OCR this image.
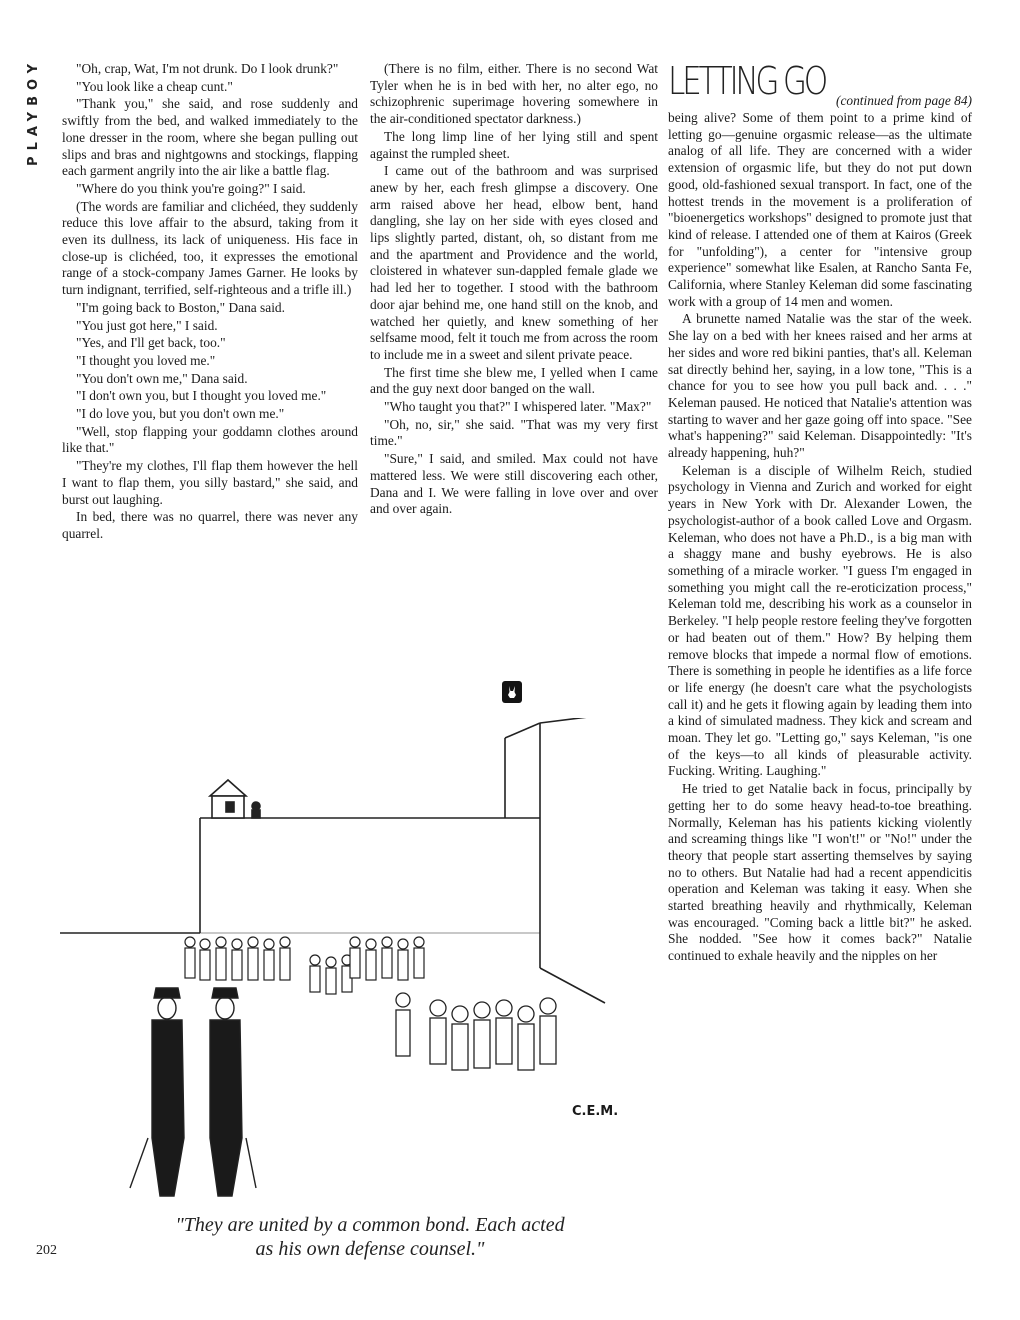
PLAYBOY	"Oh, crap, Wat, I'm not drunk. Do I look drunk?"

"You look like a cheap cunt."

"Thank you," she said, and rose suddenly and swiftly from the bed, and walked immediately to the lone dresser in the room, where she began pulling out slips and bras and nightgowns and stockings, flapping each garment angrily into the air like a battle flag.

"Where do you think you're going?" I said.

(The words are familiar and clichéed, they suddenly reduce this love affair to the absurd, taking from it even its dullness, its lack of uniqueness. His face in close-up is clichéed, too, it expresses the emotional range of a stock-company James Garner. He looks by turn indignant, terrified, self-righteous and a trifle ill.)

"I'm going back to Boston," Dana said.

"You just got here," I said.

"Yes, and I'll get back, too."

"I thought you loved me."

"You don't own me," Dana said.

"I don't own you, but I thought you loved me."

"I do love you, but you don't own me."

"Well, stop flapping your goddamn clothes around like that."

"They're my clothes, I'll flap them however the hell I want to flap them, you silly bastard," she said, and burst out laughing.

In bed, there was no quarrel, there was never any quarrel.

(There is no film, either. There is no second Wat Tyler when he is in bed with her, no alter ego, no schizophrenic superimage hovering somewhere in the air-conditioned spectator darkness.)

The long limp line of her lying still and spent against the rumpled sheet.

I came out of the bathroom and was surprised anew by her, each fresh glimpse a discovery. One arm raised above her head, elbow bent, hand dangling, she lay on her side with eyes closed and lips slightly parted, distant, oh, so distant from me and the apartment and Providence and the world, cloistered in whatever sun-dappled female glade we had led her to together. I stood with the bathroom door ajar behind me, one hand still on the knob, and watched her quietly, and knew something of her selfsame mood, felt it touch me from across the room to include me in a sweet and silent private peace.

The first time she blew me, I yelled when I came and the guy next door banged on the wall.

"Who taught you that?" I whispered later. "Max?"

"Oh, no, sir," she said. "That was my very first time."

"Sure," I said, and smiled. Max could not have mattered less. We were still discovering each other, Dana and I. We were falling in love over and over and over again.

LETTING GO (continued from page 84)

being alive? Some of them point to a prime kind of letting go—genuine orgasmic release—as the ultimate analog of all life. They are concerned with a wider extension of orgasmic life, but they do not put down good, old-fashioned sexual transport. In fact, one of the hottest trends in the movement is a proliferation of "bioenergetics workshops" designed to promote just that kind of release. I attended one of them at Kairos (Greek for "unfolding"), a center for "intensive group experience" somewhat like Esalen, at Rancho Santa Fe, California, where Stanley Keleman did some fascinating work with a group of 14 men and women.

A brunette named Natalie was the star of the week. She lay on a bed with her knees raised and her arms at her sides and wore red bikini panties, that's all. Keleman sat directly behind her, saying, in a low tone, "This is a chance for you to see how you pull back and. . . ." Keleman paused. He noticed that Natalie's attention was starting to waver and her gaze going off into space. "See what's happening?" said Keleman. Disappointedly: "It's already happening, huh?"

Keleman is a disciple of Wilhelm Reich, studied psychology in Vienna and Zurich and worked for eight years in New York with Dr. Alexander Lowen, the psychologist-author of a book called Love and Orgasm. Keleman, who does not have a Ph.D., is a big man with a shaggy mane and bushy eyebrows. He is also something of a miracle worker. "I guess I'm engaged in something you might call the re-eroticization process," Keleman told me, describing his work as a counselor in Berkeley. "I help people restore feeling they've forgotten or had beaten out of them." How? By helping them remove blocks that impede a normal flow of emotions. There is something in people he identifies as a life force or life energy (he doesn't care what the psychologists call it) and he gets it flowing again by leading them into a kind of simulated madness. They kick and scream and moan. They let go. "Letting go," says Keleman, "is one of the keys—to all kinds of pleasurable activity. Fucking. Writing. Laughing."

He tried to get Natalie back in focus, principally by getting her to do some heavy head-to-toe breathing. Normally, Keleman has his patients kicking violently and screaming things like "I won't!" or "No!" under the theory that people start asserting themselves by saying no to others. But Natalie had had a recent appendicitis operation and Keleman was taking it easy. When she started breathing heavily and rhythmically, Keleman was encouraged. "Coming back a little bit?" he asked. She nodded. "See how it comes back?" Natalie continued to exhale heavily and the nipples on her

C.E.M.
"They are united by a common bond. Each acted
as his own defense counsel."
202
